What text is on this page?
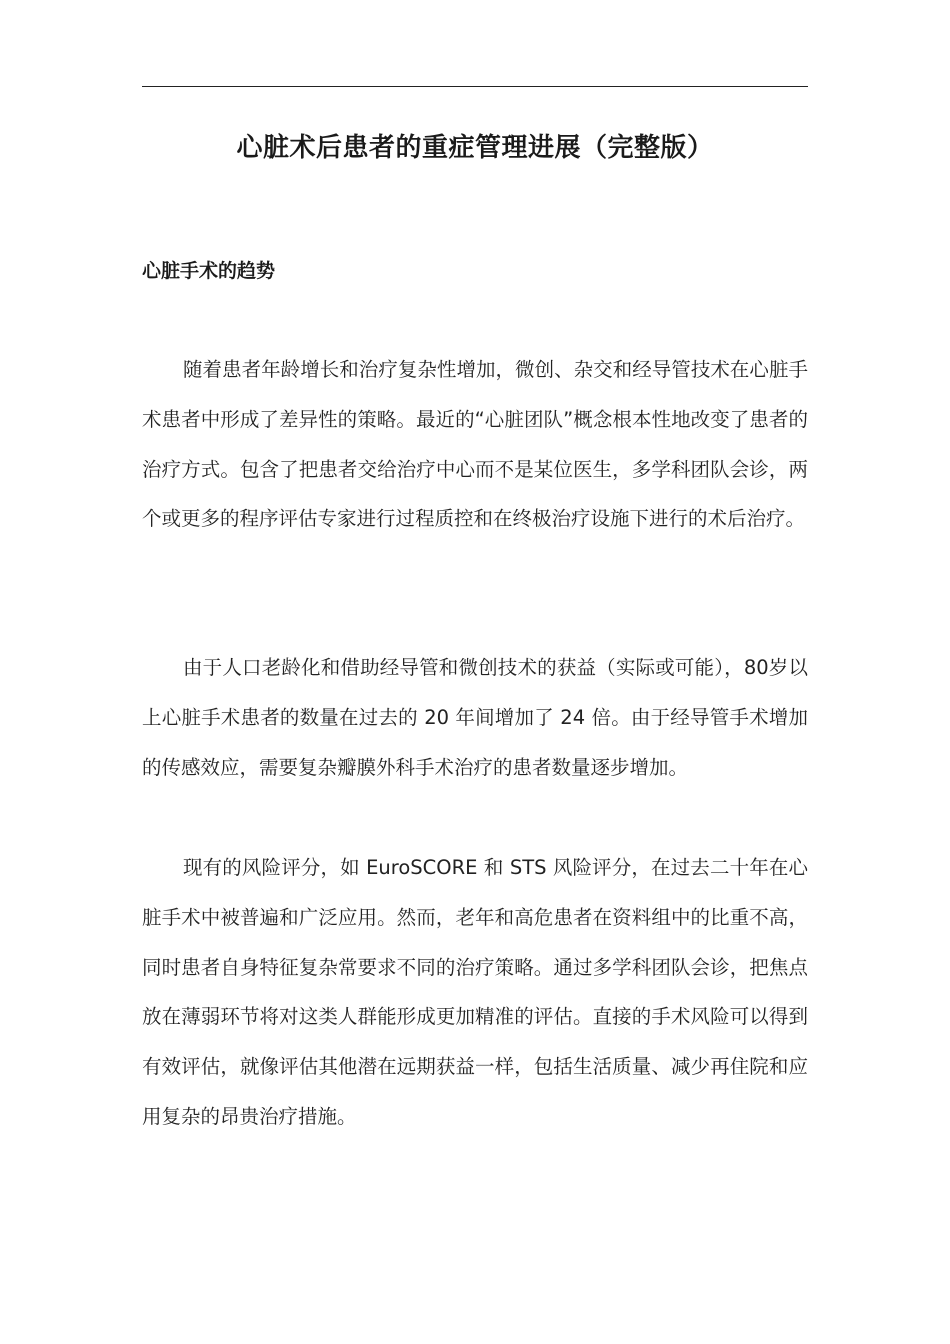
心脏术后患者的重症管理进展（完整版）
心脏手术的趋势

随着患者年龄增长和治疗复杂性增加，微创、杂交和经导管技术在心脏手术患者中形成了差异性的策略。最近的“心脏团队”概念根本性地改变了患者的治疗方式。包含了把患者交给治疗中心而不是某位医生，多学科团队会诊，两个或更多的程序评估专家进行过程质控和在终极治疗设施下进行的术后治疗。

由于人口老龄化和借助经导管和微创技术的获益（实际或可能），80岁以上心脏手术患者的数量在过去的 20 年间增加了 24 倍。由于经导管手术增加的传感效应，需要复杂瓣膜外科手术治疗的患者数量逐步增加。

现有的风险评分，如 EuroSCORE 和 STS 风险评分，在过去二十年在心脏手术中被普遍和广泛应用。然而，老年和高危患者在资料组中的比重不高，同时患者自身特征复杂常要求不同的治疗策略。通过多学科团队会诊，把焦点放在薄弱环节将对这类人群能形成更加精准的评估。直接的手术风险可以得到有效评估，就像评估其他潜在远期获益一样，包括生活质量、减少再住院和应用复杂的昂贵治疗措施。
